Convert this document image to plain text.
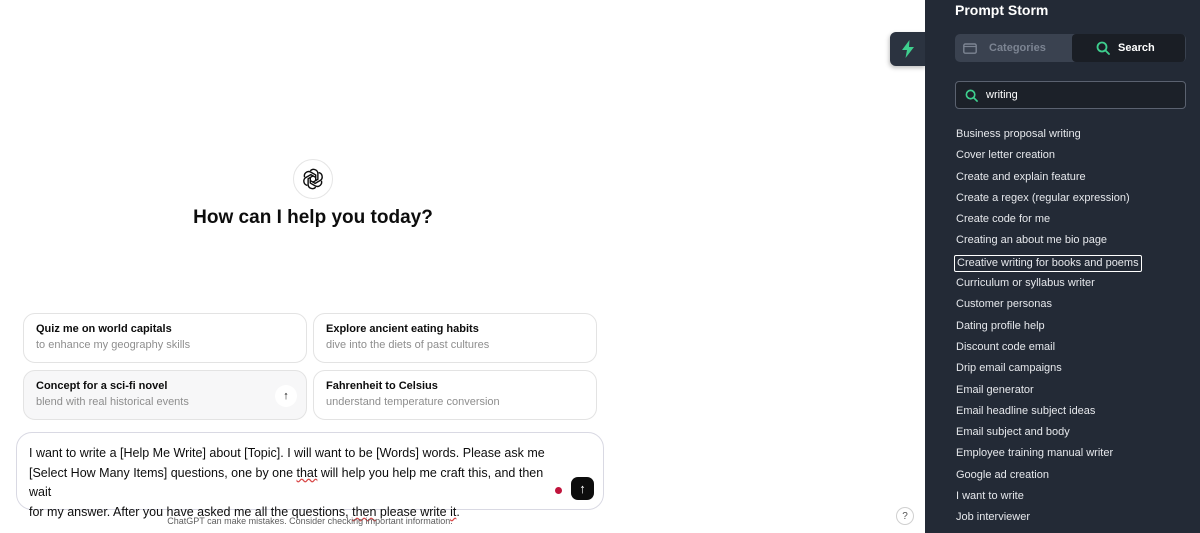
How can I help you today?
Quiz me on world capitals
to enhance my geography skills
Explore ancient eating habits
dive into the diets of past cultures
Concept for a sci-fi novel
blend with real historical events	↑
Fahrenheit to Celsius
understand temperature conversion
I want to write a [Help Me Write] about [Topic]. I will want to be [Words] words. Please ask me
[Select How Many Items] questions, one by one that will help you help me craft this, and then wait
for my answer. After you have asked me all the questions, then please write it.
↑
ChatGPT can make mistakes. Consider checking important information.	?
Prompt Storm
Categories	Search
writing
Business proposal writing
Cover letter creation
Create and explain feature
Create a regex (regular expression)
Create code for me
Creating an about me bio page
Creative writing for books and poems
Curriculum or syllabus writer
Customer personas
Dating profile help
Discount code email
Drip email campaigns
Email generator
Email headline subject ideas
Email subject and body
Employee training manual writer
Google ad creation
I want to write
Job interviewer
